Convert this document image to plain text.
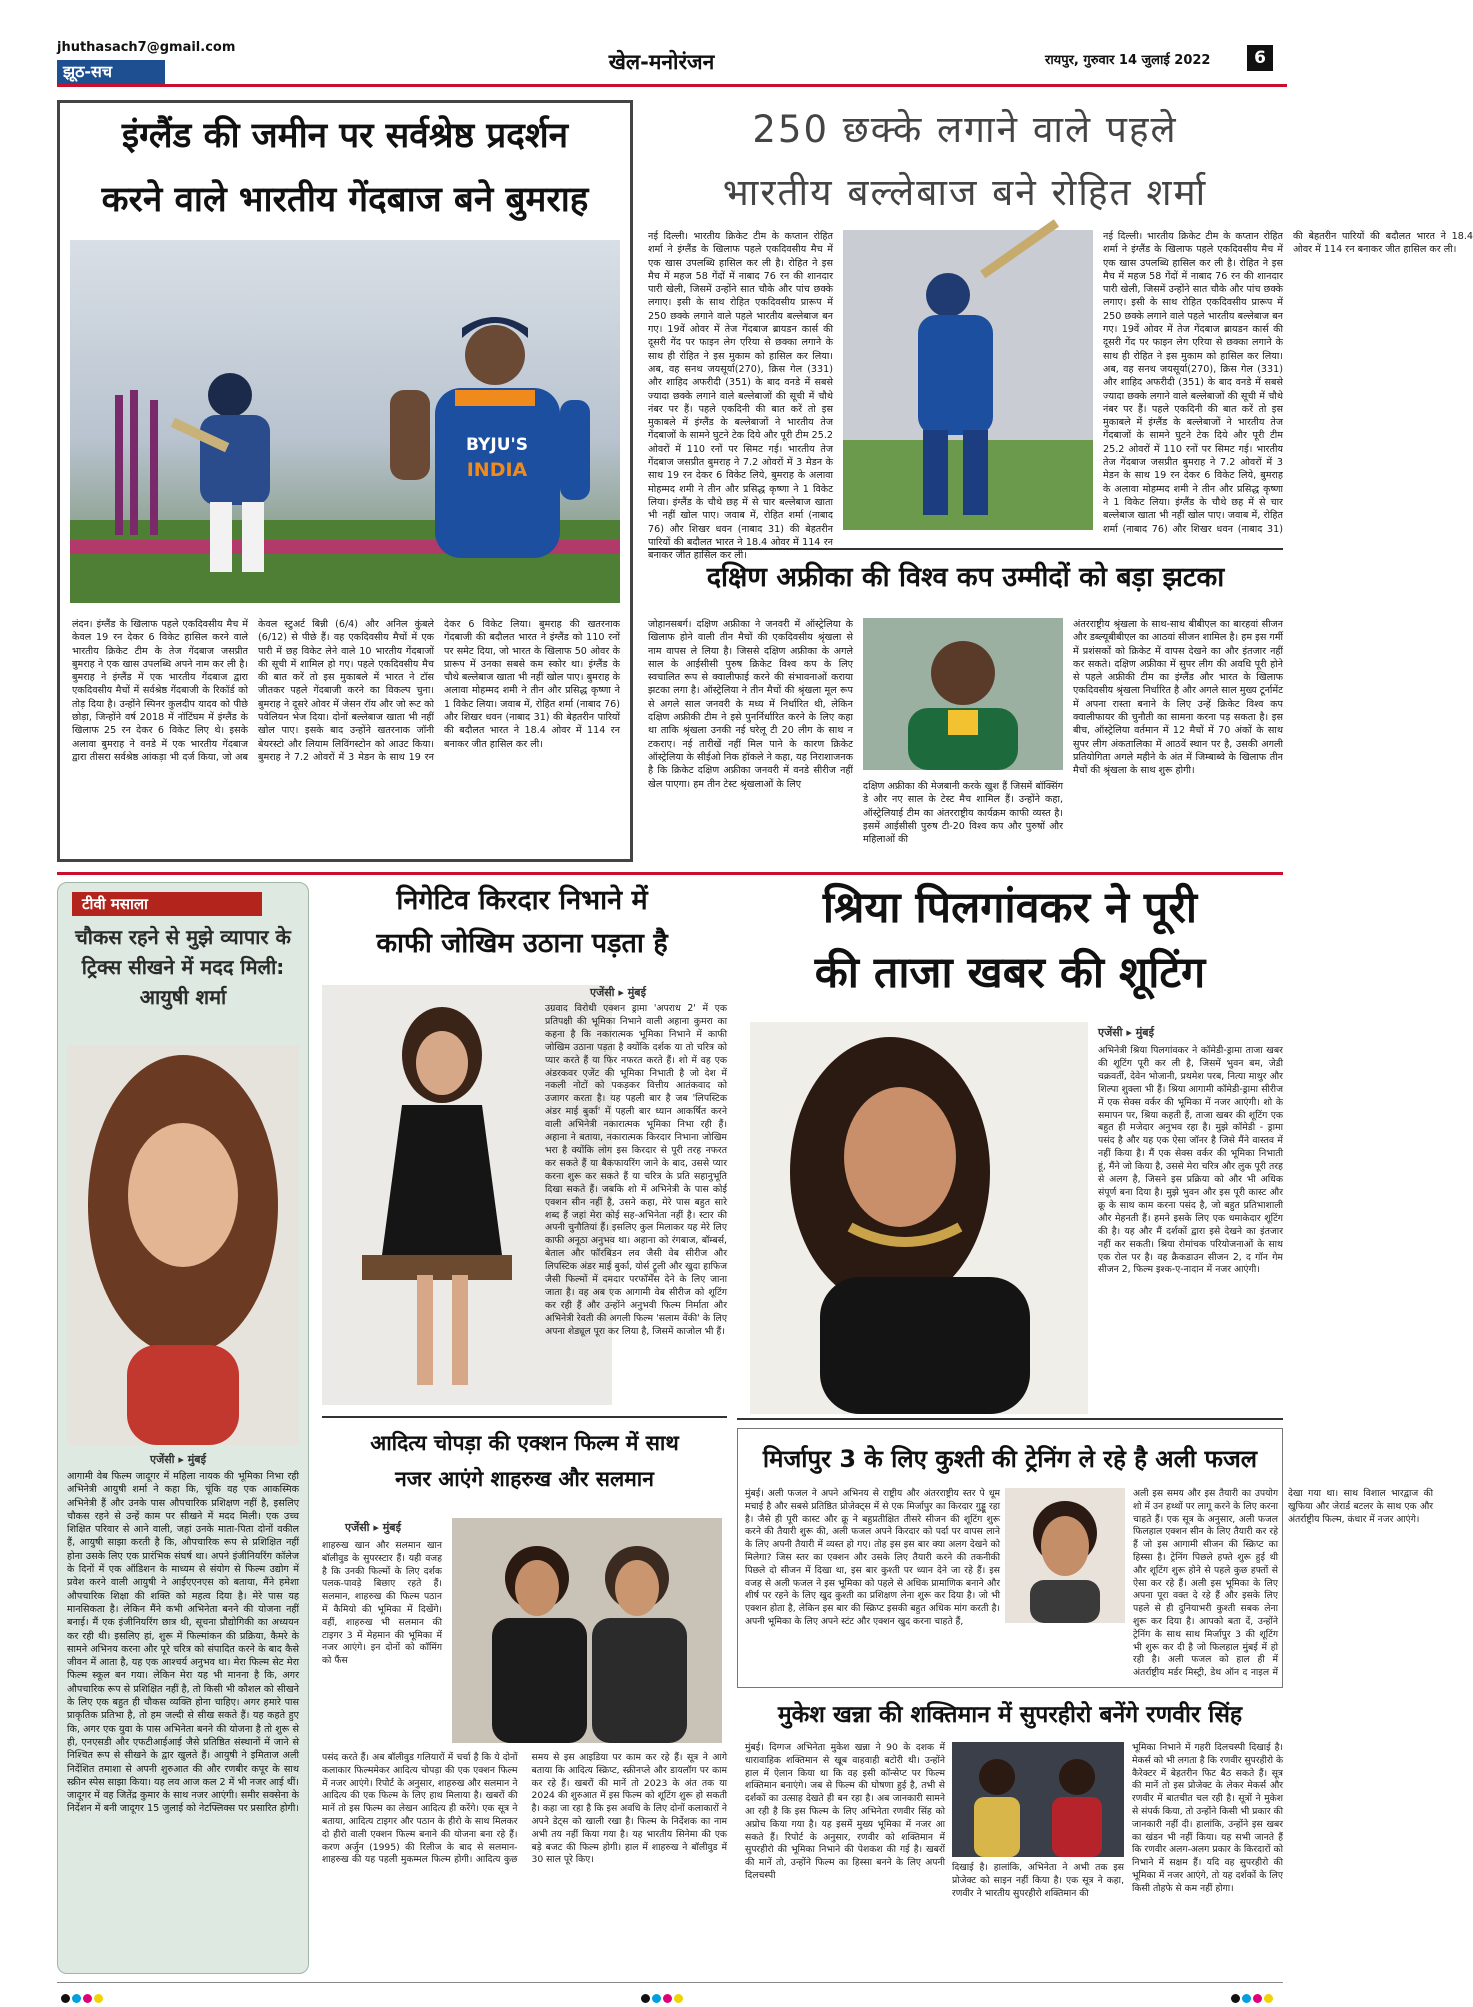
jhuthasach7@gmail.com
झूठ-सच	खेल-मनोरंजन	रायपुर, गुरुवार 14 जुलाई 2022	6
इंग्लैंड की जमीन पर सर्वश्रेष्ठ प्रदर्शन
करने वाले भारतीय गेंदबाज बने बुमराह
BYJU'S
INDIA
लंदन। इंग्लैंड के खिलाफ पहले एकदिवसीय मैच में केवल 19 रन देकर 6 विकेट हासिल करने वाले भारतीय क्रिकेट टीम के तेज गेंदबाज जसप्रीत बुमराह ने एक खास उपलब्धि अपने नाम कर ली है। बुमराह ने इंग्लैंड में एक भारतीय गेंदबाज द्वारा एकदिवसीय मैचों में सर्वश्रेष्ठ गेंदबाजी के रिकॉर्ड को तोड़ दिया है। उन्होंने स्पिनर कुलदीप यादव को पीछे छोड़ा, जिन्होंने वर्ष 2018 में नॉटिंघम में इंग्लैंड के खिलाफ 25 रन देकर 6 विकेट लिए थे। इसके अलावा बुमराह ने वनडे में एक भारतीय गेंदबाज द्वारा तीसरा सर्वश्रेष्ठ आंकड़ा भी दर्ज किया, जो अब केवल स्टुअर्ट बिन्नी (6/4) और अनिल कुंबले (6/12) से पीछे हैं। वह एकदिवसीय मैचों में एक पारी में छह विकेट लेने वाले 10 भारतीय गेंदबाजों की सूची में शामिल हो गए। पहले एकदिवसीय मैच की बात करें तो इस मुकाबले में भारत ने टॉस जीतकर पहले गेंदबाजी करने का विकल्प चुना। बुमराह ने दूसरे ओवर में जेसन रॉय और जो रूट को पवेलियन भेज दिया। दोनों बल्लेबाज खाता भी नहीं खोल पाए। इसके बाद उन्होंने खतरनाक जॉनी बेयरस्टो और लियाम लिविंगस्टोन को आउट किया। बुमराह ने 7.2 ओवरों में 3 मेडन के साथ 19 रन देकर 6 विकेट लिया। बुमराह की खतरनाक गेंदबाजी की बदौलत भारत ने इंग्लैंड को 110 रनों पर समेट दिया, जो भारत के खिलाफ 50 ओवर के प्रारूप में उनका सबसे कम स्कोर था। इंग्लैंड के चौथे बल्लेबाज खाता भी नहीं खोल पाए। बुमराह के अलावा मोहम्मद शमी ने तीन और प्रसिद्ध कृष्णा ने 1 विकेट लिया। जवाब में, रोहित शर्मा (नाबाद 76) और शिखर धवन (नाबाद 31) की बेहतरीन पारियों की बदौलत भारत ने 18.4 ओवर में 114 रन बनाकर जीत हासिल कर ली।
250 छक्के लगाने वाले पहले
भारतीय बल्लेबाज बने रोहित शर्मा
नई दिल्ली। भारतीय क्रिकेट टीम के कप्तान रोहित शर्मा ने इंग्लैंड के खिलाफ पहले एकदिवसीय मैच में एक खास उपलब्धि हासिल कर ली है। रोहित ने इस मैच में महज 58 गेंदों में नाबाद 76 रन की शानदार पारी खेली, जिसमें उन्होंने सात चौके और पांच छक्के लगाए। इसी के साथ रोहित एकदिवसीय प्रारूप में 250 छक्के लगाने वाले पहले भारतीय बल्लेबाज बन गए। 19वें ओवर में तेज गेंदबाज ब्रायडन कार्स की दूसरी गेंद पर फाइन लेग एरिया से छक्का लगाने के साथ ही रोहित ने इस मुकाम को हासिल कर लिया। अब, वह सनथ जयसूर्या(270), क्रिस गेल (331) और शाहिद अफरीदी (351) के बाद वनडे में सबसे ज्यादा छक्के लगाने वाले बल्लेबाजों की सूची में चौथे नंबर पर हैं। पहले एकदिनी की बात करें तो इस मुकाबले में इंग्लैंड के बल्लेबाजों ने भारतीय तेज गेंदबाजों के सामने घुटने टेक दिये और पूरी टीम 25.2 ओवरों में 110 रनों पर सिमट गई। भारतीय तेज गेंदबाज जसप्रीत बुमराह ने 7.2 ओवरों में 3 मेडन के साथ 19 रन देकर 6 विकेट लिये, बुमराह के अलावा मोहम्मद शमी ने तीन और प्रसिद्ध कृष्णा ने 1 विकेट लिया। इंग्लैंड के चौथे छह में से चार बल्लेबाज खाता भी नहीं खोल पाए। जवाब में, रोहित शर्मा (नाबाद 76) और शिखर धवन (नाबाद 31) की बेहतरीन पारियों की बदौलत भारत ने 18.4 ओवर में 114 रन बनाकर जीत हासिल कर ली।
नई दिल्ली। भारतीय क्रिकेट टीम के कप्तान रोहित शर्मा ने इंग्लैंड के खिलाफ पहले एकदिवसीय मैच में एक खास उपलब्धि हासिल कर ली है। रोहित ने इस मैच में महज 58 गेंदों में नाबाद 76 रन की शानदार पारी खेली, जिसमें उन्होंने सात चौके और पांच छक्के लगाए। इसी के साथ रोहित एकदिवसीय प्रारूप में 250 छक्के लगाने वाले पहले भारतीय बल्लेबाज बन गए। 19वें ओवर में तेज गेंदबाज ब्रायडन कार्स की दूसरी गेंद पर फाइन लेग एरिया से छक्का लगाने के साथ ही रोहित ने इस मुकाम को हासिल कर लिया। अब, वह सनथ जयसूर्या(270), क्रिस गेल (331) और शाहिद अफरीदी (351) के बाद वनडे में सबसे ज्यादा छक्के लगाने वाले बल्लेबाजों की सूची में चौथे नंबर पर हैं। पहले एकदिनी की बात करें तो इस मुकाबले में इंग्लैंड के बल्लेबाजों ने भारतीय तेज गेंदबाजों के सामने घुटने टेक दिये और पूरी टीम 25.2 ओवरों में 110 रनों पर सिमट गई। भारतीय तेज गेंदबाज जसप्रीत बुमराह ने 7.2 ओवरों में 3 मेडन के साथ 19 रन देकर 6 विकेट लिये, बुमराह के अलावा मोहम्मद शमी ने तीन और प्रसिद्ध कृष्णा ने 1 विकेट लिया। इंग्लैंड के चौथे छह में से चार बल्लेबाज खाता भी नहीं खोल पाए। जवाब में, रोहित शर्मा (नाबाद 76) और शिखर धवन (नाबाद 31) की बेहतरीन पारियों की बदौलत भारत ने 18.4 ओवर में 114 रन बनाकर जीत हासिल कर ली।
दक्षिण अफ्रीका की विश्व कप उम्मीदों को बड़ा झटका
जोहानसबर्ग। दक्षिण अफ्रीका ने जनवरी में ऑस्ट्रेलिया के खिलाफ होने वाली तीन मैचों की एकदिवसीय श्रृंखला से नाम वापस ले लिया है। जिससे दक्षिण अफ्रीका के अगले साल के आईसीसी पुरुष क्रिकेट विश्व कप के लिए स्वचालित रूप से क्वालीफाई करने की संभावनाओं कराया झटका लगा है। ऑस्ट्रेलिया ने तीन मैचों की श्रृंखला मूल रूप से अगले साल जनवरी के मध्य में निर्धारित थी, लेकिन दक्षिण अफ्रीकी टीम ने इसे पुनर्निर्धारित करने के लिए कहा था ताकि श्रृंखला उनकी नई घरेलू टी 20 लीग के साथ न टकराए। नई तारीखें नहीं मिल पाने के कारण क्रिकेट ऑस्ट्रेलिया के सीईओ निक हॉकले ने कहा, यह निराशाजनक है कि क्रिकेट दक्षिण अफ्रीका जनवरी में वनडे सीरीज नहीं खेल पाएगा। हम तीन टेस्ट श्रृंखलाओं के लिए	दक्षिण अफ्रीका की मेजबानी करके खुश हैं जिसमें बॉक्सिंग डे और नए साल के टेस्ट मैच शामिल हैं। उन्होंने कहा, ऑस्ट्रेलियाई टीम का अंतरराष्ट्रीय कार्यक्रम काफी व्यस्त है। इसमें आईसीसी पुरुष टी-20 विश्व कप और पुरुषों और महिलाओं की
अंतरराष्ट्रीय श्रृंखला के साथ-साथ बीबीएल का बारहवां सीजन और डब्ल्यूबीबीएल का आठवां सीजन शामिल है। हम इस गर्मी में प्रशंसकों को क्रिकेट में वापस देखने का और इंतजार नहीं कर सकते। दक्षिण अफ्रीका में सुपर लीग की अवधि पूरी होने से पहले अफ्रीकी टीम का इंग्लैंड और भारत के खिलाफ एकदिवसीय श्रृंखला निर्धारित है और अगले साल मुख्य टूर्नामेंट में अपना रास्ता बनाने के लिए उन्हें क्रिकेट विश्व कप क्वालीफायर की चुनौती का सामना करना पड़ सकता है। इस बीच, ऑस्ट्रेलिया वर्तमान में 12 मैचों में 70 अंकों के साथ सुपर लीग अंकतालिका में आठवें स्थान पर है, उसकी अगली प्रतियोगिता अगले महीने के अंत में जिम्बाब्वे के खिलाफ तीन मैचों की श्रृंखला के साथ शुरू होगी।
टीवी मसाला
चौकस रहने से मुझे व्यापार के ट्रिक्स सीखने में मदद मिली: आयुषी शर्मा
एजेंसी ▸ मुंबई
आगामी वेब फिल्म जादूगर में महिला नायक की भूमिका निभा रही अभिनेत्री आयुषी शर्मा ने कहा कि, चूंकि वह एक आकस्मिक अभिनेत्री हैं और उनके पास औपचारिक प्रशिक्षण नहीं है, इसलिए चौकस रहने से उन्हें काम पर सीखने में मदद मिली। एक उच्च शिक्षित परिवार से आने वाली, जहां उनके माता-पिता दोनों वकील हैं, आयुषी साझा करती है कि, औपचारिक रूप से प्रशिक्षित नहीं होना उसके लिए एक प्रारंभिक संघर्ष था। अपने इंजीनियरिंग कॉलेज के दिनों में एक ऑडिशन के माध्यम से संयोग से फिल्म उद्योग में प्रवेश करने वाली आयुषी ने आईएएनएस को बताया, मैंने हमेशा औपचारिक शिक्षा की शक्ति को महत्व दिया है। मेरे पास यह मानसिकता है। लेकिन मैंने कभी अभिनेता बनने की योजना नहीं बनाई। मैं एक इंजीनियरिंग छात्र थी, सूचना प्रौद्योगिकी का अध्ययन कर रही थी। इसलिए हां, शुरू में फिल्मांकन की प्रक्रिया, कैमरे के सामने अभिनय करना और पूरे चरित्र को संपादित करने के बाद कैसे जीवन में आता है, यह एक आश्चर्य अनुभव था। मेरा फिल्म सेट मेरा फिल्म स्कूल बन गया। लेकिन मेरा यह भी मानना है कि, अगर औपचारिक रूप से प्रशिक्षित नहीं है, तो किसी भी कौशल को सीखने के लिए एक बहुत ही चौकस व्यक्ति होना चाहिए। अगर हमारे पास प्राकृतिक प्रतिभा है, तो हम जल्दी से सीख सकते हैं। यह कहते हुए कि, अगर एक युवा के पास अभिनेता बनने की योजना है तो शुरू से ही, एनएसडी और एफटीआईआई जैसे प्रतिष्ठित संस्थानों में जाने से निश्चित रूप से सीखने के द्वार खुलते हैं। आयुषी ने इमिताज अली निर्देशित तमाशा से अपनी शुरुआत की और रणबीर कपूर के साथ स्क्रीन स्पेस साझा किया। यह लव आज कल 2 में भी नजर आई थीं। जादूगर में वह जितेंद्र कुमार के साथ नजर आएंगी। समीर सक्सेना के निर्देशन में बनी जादूगर 15 जुलाई को नेटफ्लिक्स पर प्रसारित होगी।
निगेटिव किरदार निभाने में
काफी जोखिम उठाना पड़ता है
एजेंसी ▸ मुंबई
उग्रवाद विरोधी एक्शन ड्रामा 'अपराध 2' में एक प्रतिपक्षी की भूमिका निभाने वाली अहाना कुमरा का कहना है कि नकारात्मक भूमिका निभाने में काफी जोखिम उठाना पड़ता है क्योंकि दर्शक या तो चरित्र को प्यार करते हैं या फिर नफरत करते हैं। शो में वह एक अंडरकवर एजेंट की भूमिका निभाती है जो देश में नकली नोटों को पकड़कर वित्तीय आतंकवाद को उजागर करता है। यह पहली बार है जब 'लिपस्टिक अंडर माई बुर्का' में पहली बार ध्यान आकर्षित करने वाली अभिनेत्री नकारात्मक भूमिका निभा रही हैं। अहाना ने बताया, नकारात्मक किरदार निभाना जोखिम भरा है क्योंकि लोग इस किरदार से पूरी तरह नफरत कर सकते हैं या बैकफायरिंग जाने के बाद, उससे प्यार करना शुरू कर सकते हैं या चरित्र के प्रति सहानुभूति दिखा सकते हैं। जबकि शो में अभिनेत्री के पास कोई एक्शन सीन नहीं है, उसने कहा, मेरे पास बहुत सारे शब्द हैं जहां मेरा कोई सह-अभिनेता नहीं है। स्टार की अपनी चुनौतियां हैं। इसलिए कुल मिलाकर यह मेरे लिए काफी अनूठा अनुभव था। अहाना को रंगबाज, बॉम्बर्स, बेताल और फॉरबिडन लव जैसी वेब सीरीज और लिपस्टिक अंडर माई बुर्का, योर्स ट्रूली और खुदा हाफिज जैसी फिल्मों में दमदार परफॉर्मेंस देने के लिए जाना जाता है। वह अब एक आगामी वेब सीरीज को शूटिंग कर रही हैं और उन्होंने अनुभवी फिल्म निर्माता और अभिनेत्री रेवती की अगली फिल्म 'सलाम वेंकी' के लिए अपना शेड्यूल पूरा कर लिया है, जिसमें काजोल भी हैं।
श्रिया पिलगांवकर ने पूरी
की ताजा खबर की शूटिंग
एजेंसी ▸ मुंबई
अभिनेत्री श्रिया पिलगांवकर ने कॉमेडी-ड्रामा ताजा खबर की शूटिंग पूरी कर ली है, जिसमें भुवन बम, जेडी चक्रवर्ती, देवेन भोजानी, प्रथमेश परब, नित्या माथुर और शिल्पा शुक्ला भी हैं। श्रिया आगामी कॉमेडी-ड्रामा सीरीज में एक सेक्स वर्कर की भूमिका में नजर आएंगी। शो के समापन पर, श्रिया कहती हैं, ताजा खबर की शूटिंग एक बहुत ही मजेदार अनुभव रहा है। मुझे कॉमेडी - ड्रामा पसंद है और यह एक ऐसा जॉनर है जिसे मैंने वास्तव में नहीं किया है। मैं एक सेक्स वर्कर की भूमिका निभाती हूं, मैंने जो किया है, उससे मेरा चरित्र और लुक पूरी तरह से अलग है, जिसने इस प्रक्रिया को और भी अधिक संपूर्ण बना दिया है। मुझे भुवन और इस पूरी कास्ट और क्रू के साथ काम करना पसंद है, जो बहुत प्रतिभाशाली और मेहनती हैं। हमने इसके लिए एक धमाकेदार शूटिंग की है। यह और मैं दर्शकों द्वारा इसे देखने का इंतजार नहीं कर सकती। श्रिया रोमांचक परियोजनाओं के साथ एक रोल पर है। वह क्रैकडाउन सीजन 2, द गॉन गेम सीजन 2, फिल्म इश्क-ए-नादान में नजर आएंगी।
आदित्य चोपड़ा की एक्शन फिल्म में साथ
नजर आएंगे शाहरुख और सलमान
एजेंसी ▸ मुंबई
शाहरुख खान और सलमान खान बॉलीवुड के सुपरस्टार हैं। यही वजह है कि उनकी फिल्मों के लिए दर्शक पलक-पावड़े बिछाए रहते हैं। सलमान, शाहरुख की फिल्म पठान में कैमियो की भूमिका में दिखेंगे। वहीं, शाहरुख भी सलमान की टाइगर 3 में मेहमान की भूमिका में नजर आएंगे। इन दोनों को कॉमिंग को फैंस
पसंद करते हैं। अब बॉलीवुड गलियारों में चर्चा है कि ये दोनों कलाकार फिल्ममेकर आदित्य चोपड़ा की एक एक्शन फिल्म में नजर आएंगे। रिपोर्ट के अनुसार, शाहरुख और सलमान ने आदित्य की एक फिल्म के लिए हाथ मिलाया है। खबरों की मानें तो इस फिल्म का लेखन आदित्य ही करेंगे। एक सूत्र ने बताया, आदित्य टाइगर और पठान के हीरो के साथ मिलकर दो हीरो वाली एक्शन फिल्म बनाने की योजना बना रहे हैं। करण अर्जुन (1995) की रिलीज के बाद से सलमान-शाहरुख की यह पहली मुकम्मल फिल्म होगी। आदित्य कुछ समय से इस आइडिया पर काम कर रहे हैं। सूत्र ने आगे बताया कि आदित्य स्क्रिप्ट, स्क्रीनप्ले और डायलॉग पर काम कर रहे हैं। खबरों की मानें तो 2023 के अंत तक या 2024 की शुरुआत में इस फिल्म को शूटिंग शुरू हो सकती है। कहा जा रहा है कि इस अवधि के लिए दोनों कलाकारों ने अपने डेट्स को खाली रखा है। फिल्म के निर्देशक का नाम अभी तय नहीं किया गया है। यह भारतीय सिनेमा की एक बड़े बजट की फिल्म होगी। हाल में शाहरुख ने बॉलीवुड में 30 साल पूरे किए।
मिर्जापुर 3 के लिए कुश्ती की ट्रेनिंग ले रहे है अली फजल
मुंबई। अली फजल ने अपने अभिनय से राष्ट्रीय और अंतरराष्ट्रीय स्तर पे धूम मचाई है और सबसे प्रतिष्ठित प्रोजेक्ट्स में से एक मिर्जापुर का किरदार गुड्डू रहा है। जैसे ही पूरी कास्ट और क्रू ने बहुप्रतीक्षित तीसरे सीजन की शूटिंग शुरू करने की तैयारी शुरू की, अली फजल अपने किरदार को पर्दा पर वापस लाने के लिए अपनी तैयारी में व्यस्त हो गए। तोह इस इस बार क्या अलग देखने को मिलेगा? जिस स्तर का एक्शन और उसके लिए तैयारी करने की तकनीकी पिछले दो सीजन में दिखा था, इस बार कुश्ती पर ध्यान देने जा रहे हैं। इस वजह से अली फजल ने इस भूमिका को पहले से अधिक प्रामाणिक बनाने और शीर्ष पर रहने के लिए खुद कुश्ती का प्रशिक्षण लेना शुरू कर दिया है। जो भी एक्शन होता है, लेकिन इस बार की स्क्रिप्ट इसकी बहुत अधिक मांग करती है। अपनी भूमिका के लिए अपने स्टंट और एक्शन खुद करना चाहते हैं,
अली इस समय और इस तैयारी का उपयोग शो में उन हथ्थों पर लागू करने के लिए करना चाहते हैं। एक सूत्र के अनुसार, अली फजल फिलहाल एक्शन सीन के लिए तैयारी कर रहे हैं जो इस आगामी सीजन की स्क्रिप्ट का हिस्सा है। ट्रेनिंग पिछले हफ्ते शुरू हुई थी और शूटिंग शुरू होने से पहले कुछ हफ्तों से ऐसा कर रहे हैं। अली इस भूमिका के लिए अपना पूरा वक्त दे रहे हैं और इसके लिए पहले से ही दुनियाभरी कुश्ती सबक लेना शुरू कर दिया है। आपको बता दें, उन्होंने ट्रेनिंग के साथ साथ मिर्जापुर 3 की शूटिंग भी शुरू कर दी है जो फिलहाल मुंबई में हो रही है। अली फजल को हाल ही में अंतर्राष्ट्रीय मर्डर मिस्ट्री, डेथ ऑन द नाइल में देखा गया था। साथ विशाल भारद्वाज की खुफिया और जेरार्ड बटलर के साथ एक और अंतर्राष्ट्रीय फिल्म, कंधार में नजर आएंगे।
मुकेश खन्ना की शक्तिमान में सुपरहीरो बनेंगे रणवीर सिंह
मुंबई। दिग्गज अभिनेता मुकेश खन्ना ने 90 के दशक में धारावाहिक शक्तिमान से खूब वाहवाही बटोरी थी। उन्होंने हाल में ऐलान किया था कि वह इसी कॉन्सेप्ट पर फिल्म शक्तिमान बनाएंगे। जब से फिल्म की घोषणा हुई है, तभी से दर्शकों का उत्साह देखते ही बन रहा है। अब जानकारी सामने आ रही है कि इस फिल्म के लिए अभिनेता रणवीर सिंह को अप्रोच किया गया है। यह इसमें मुख्य भूमिका में नजर आ सकते हैं। रिपोर्ट के अनुसार, रणवीर को शक्तिमान में सुपरहीरो की भूमिका निभाने की पेशकश की गई है। खबरों की मानें तो, उन्होंने फिल्म का हिस्सा बनने के लिए अपनी दिलचस्पी
दिखाई है। हालांकि, अभिनेता ने अभी तक इस प्रोजेक्ट को साइन नहीं किया है। एक सूत्र ने कहा, रणवीर ने भारतीय सुपरहीरो शक्तिमान की
भूमिका निभाने में गहरी दिलचस्पी दिखाई है। मेकर्स को भी लगता है कि रणवीर सुपरहीरो के कैरेक्टर में बेहतरीन फिट बैठ सकते हैं। सूत्र की मानें तो इस प्रोजेक्ट के लेकर मेकर्स और रणवीर में बातचीत चल रही है। सूत्रों ने मुकेश से संपर्क किया, तो उन्होंने किसी भी प्रकार की जानकारी नहीं दी। हालांकि, उन्होंने इस खबर का खंडन भी नहीं किया। यह सभी जानते हैं कि रणवीर अलग-अलग प्रकार के किरदारों को निभाने में सक्षम हैं। यदि वह सुपरहीरो की भूमिका में नजर आएंगे, तो यह दर्शकों के लिए किसी तोहफे से कम नहीं होगा।
